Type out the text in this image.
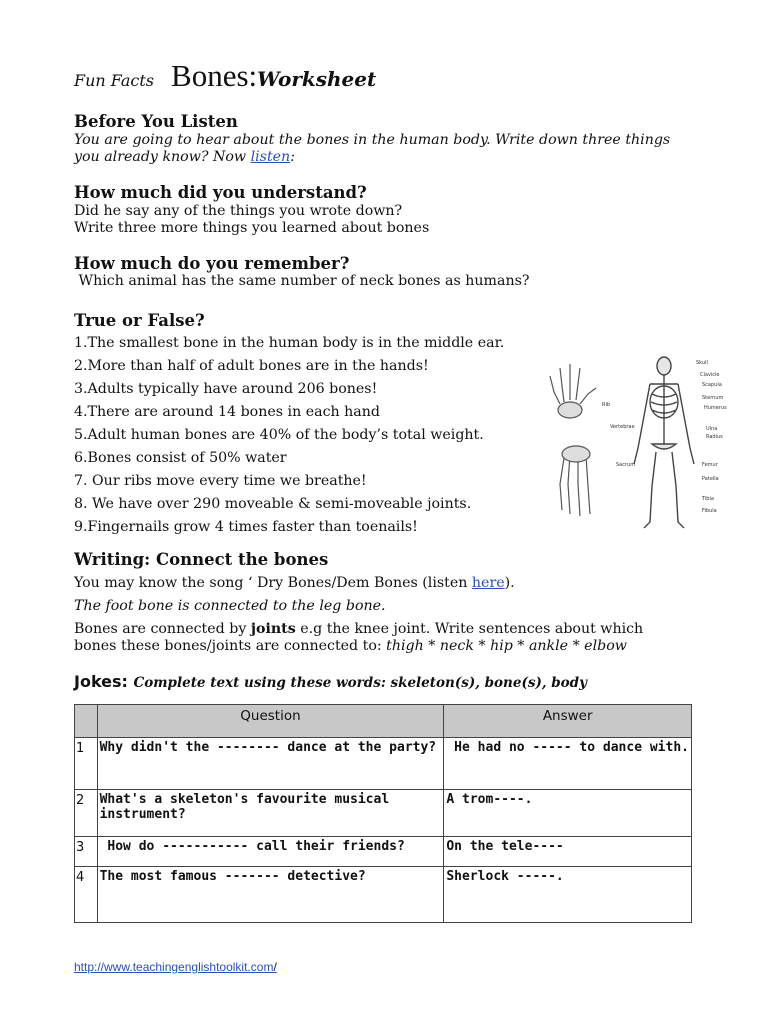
Fun Facts Bones:Worksheet
Before You Listen
You are going to hear about the bones in the human body. Write down three things
you already know? Now listen:
How much did you understand?
Did he say any of the things you wrote down?
Write three more things you learned about bones
How much do you remember?
Which animal has the same number of neck bones as humans?
True or False?
1.The smallest bone in the human body is in the middle ear.
2.More than half of adult bones are in the hands!
3.Adults typically have around 206 bones!
4.There are around 14 bones in each hand
5.Adult human bones are 40% of the body’s total weight.
6.Bones consist of 50% water
7. Our ribs move every time we breathe!
8. We have over 290 moveable & semi-moveable joints.
9.Fingernails grow 4 times faster than toenails!
Rib
Vertebrae
Sacrum
Skull
Clavicle
Scapula
Sternum
Humerus
Ulna
Radius
Femur
Patella
Tibia
Fibula
Writing: Connect the bones
You may know the song ‘ Dry Bones/Dem Bones (listen here).
The foot bone is connected to the leg bone.
Bones are connected by joints e.g the knee joint. Write sentences about which
bones these bones/joints are connected to: thigh * neck * hip * ankle * elbow
Jokes: Complete text using these words: skeleton(s), bone(s), body
	Question	Answer
1	Why didn't the -------- dance at the party?	He had no ----- to dance with.
2	What's a skeleton's favourite musical instrument?	A trom----.
3	How do ----------- call their friends?	On the tele----
4	The most famous ------- detective?	Sherlock -----.
http://www.teachingenglishtoolkit.com/
